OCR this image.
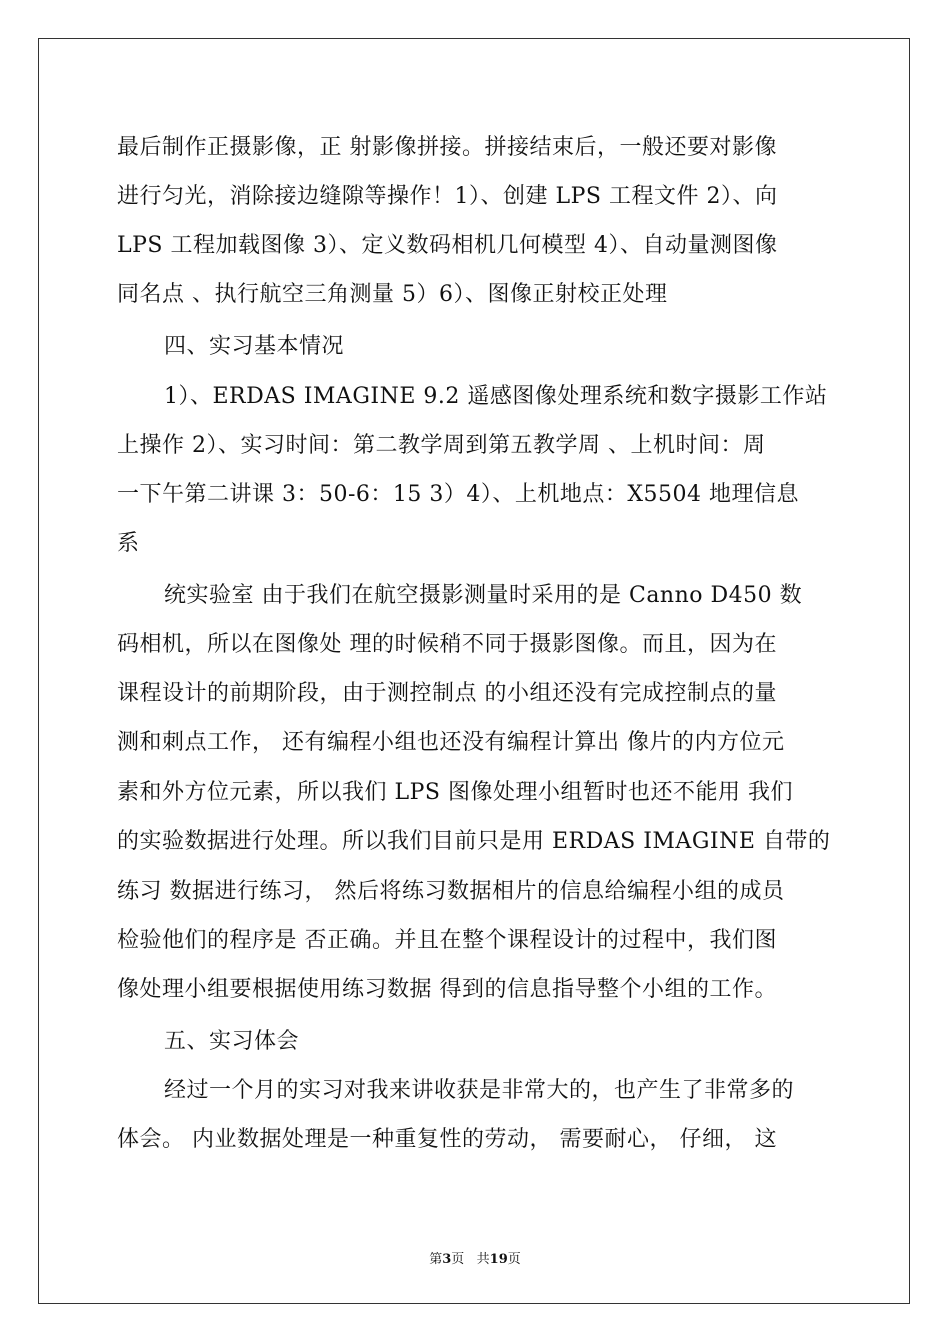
最后制作正摄影像，正 射影像拼接。拼接结束后，一般还要对影像
进行匀光，消除接边缝隙等操作！1）、创建 LPS 工程文件 2）、向
LPS 工程加载图像 3）、定义数码相机几何模型 4）、自动量测图像
同名点 、执行航空三角测量 5）6）、图像正射校正处理
四、实习基本情况
1）、ERDAS IMAGINE 9.2 遥感图像处理系统和数字摄影工作站
上操作 2）、实习时间：第二教学周到第五教学周 、上机时间：周
一下午第二讲课 3：50-6：15 3）4）、上机地点：X5504 地理信息
系
统实验室 由于我们在航空摄影测量时采用的是 Canno D450 数
码相机，所以在图像处 理的时候稍不同于摄影图像。而且，因为在
课程设计的前期阶段，由于测控制点 的小组还没有完成控制点的量
测和刺点工作， 还有编程小组也还没有编程计算出 像片的内方位元
素和外方位元素，所以我们 LPS 图像处理小组暂时也还不能用 我们
的实验数据进行处理。所以我们目前只是用 ERDAS IMAGINE 自带的
练习 数据进行练习， 然后将练习数据相片的信息给编程小组的成员
检验他们的程序是 否正确。并且在整个课程设计的过程中，我们图
像处理小组要根据使用练习数据 得到的信息指导整个小组的工作。
五、实习体会
经过一个月的实习对我来讲收获是非常大的，也产生了非常多的
体会。 内业数据处理是一种重复性的劳动， 需要耐心， 仔细， 这
第3页   共19页
